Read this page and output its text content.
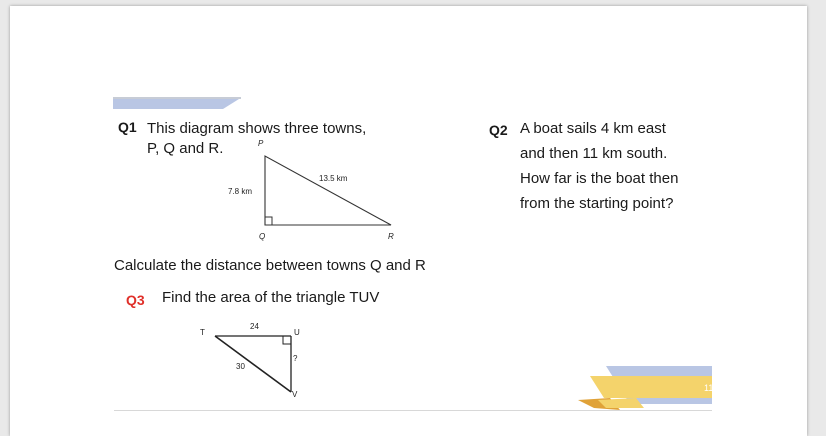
Q1 This diagram shows three towns,
P, Q and R.	P
Q	R
7.8 km
13.5 km
Calculate the distance between towns Q and R
Q2 A boat sails 4 km east
and then 11 km south.
How far is the boat then
from the starting point?
Q3 Find the area of the triangle TUV
T	U
V
24
30
?
11
